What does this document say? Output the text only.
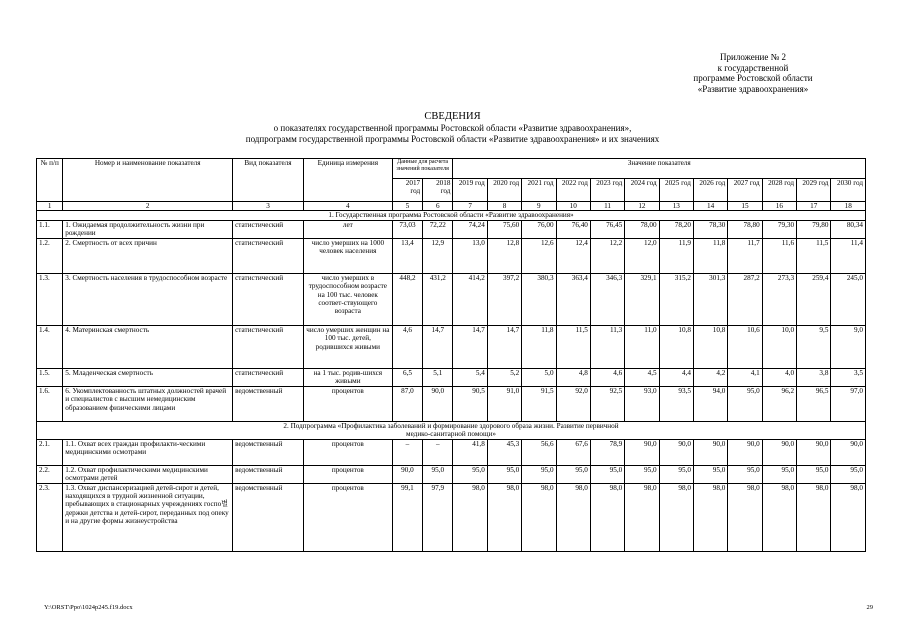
Приложение № 2
к государственной
программе Ростовской области
«Развитие здравоохранения»
СВЕДЕНИЯ
о показателях государственной программы Ростовской области «Развитие здравоохранения»,
подпрограмм государственной программы Ростовской области «Развитие здравоохранения» и их значениях
№ п/п	Номер и наименование показателя	Вид показателя	Единица измерения	Данные для расчета значений показателя		Значение показателя											
				2017 год	2018 год	2019 год	2020 год	2021 год	2022 год	2023 год	2024 год	2025 год	2026 год	2027 год	2028 год	2029 год	2030 год
1	2	3	4	5	6	7	8	9	10	11	12	13	14	15	16	17	18
1. Государственная программа Ростовской области «Развитие здравоохранения»																	
1.1.	1. Ожидаемая продолжительность жизни при рождении	статистический	лет	73,03	72,22	74,24	75,60	76,00	76,40	76,45	78,00	78,20	78,30	78,80	79,30	79,80	80,34
1.2.	2. Смертность от всех причин	статистический	число умерших на 1000 человек населения	13,4	12,9	13,0	12,8	12,6	12,4	12,2	12,0	11,9	11,8	11,7	11,6	11,5	11,4
1.3.	3. Смертность населения в трудоспособном возрасте	статистический	число умерших в трудоспособном возрасте на 100 тыс. человек соответ-ствующего возраста	448,2	431,2	414,2	397,2	380,3	363,4	346,3	329,1	315,2	301,3	287,2	273,3	259,4	245,0
1.4.	4. Материнская смертность	статистический	число умерших женщин на 100 тыс. детей, родившихся живыми	4,6	14,7	14,7	14,7	11,8	11,5	11,3	11,0	10,8	10,8	10,6	10,0	9,5	9,0
1.5.	5. Младенческая смертность	статистический	на 1 тыс. родив-шихся живыми	6,5	5,1	5,4	5,2	5,0	4,8	4,6	4,5	4,4	4,2	4,1	4,0	3,8	3,5
1.6.	6. Укомплектованность штатных должностей врачей и специалистов с высшим немедицинским образованием физическими лицами	ведомственный	процентов	87,0	90,0	90,5	91,0	91,5	92,0	92,5	93,0	93,5	94,0	95,0	96,2	96,5	97,0
2. Подпрограмма «Профилактика заболеваний и формирование здорового образа жизни. Развитие первичной медико-санитарной помощи»																	
2.1.	1.1. Охват всех граждан профилакти-ческими медицинскими осмотрами	ведомственный	процентов	–	–	41,8	45,3	56,6	67,6	78,9	90,0	90,0	90,0	90,0	90,0	90,0	90,0
2.2.	1.2. Охват профилактическими медицинскими осмотрами детей	ведомственный	процентов	90,0	95,0	95,0	95,0	95,0	95,0	95,0	95,0	95,0	95,0	95,0	95,0	95,0	95,0
2.3.	1.3. Охват диспансеризацией детей-сирот и детей, находящихся в трудной жизненной ситуации, пребывающих в стационарных учреждениях госпо별держки детства и детей-сирот, переданных под опеку и на другие формы жизнеустройства	ведомственный	процентов	99,1	97,9	98,0	98,0	98,0	98,0	98,0	98,0	98,0	98,0	98,0	98,0	98,0	98,0
Y:\ORST\Ppo\1024p245.f19.docx	29
